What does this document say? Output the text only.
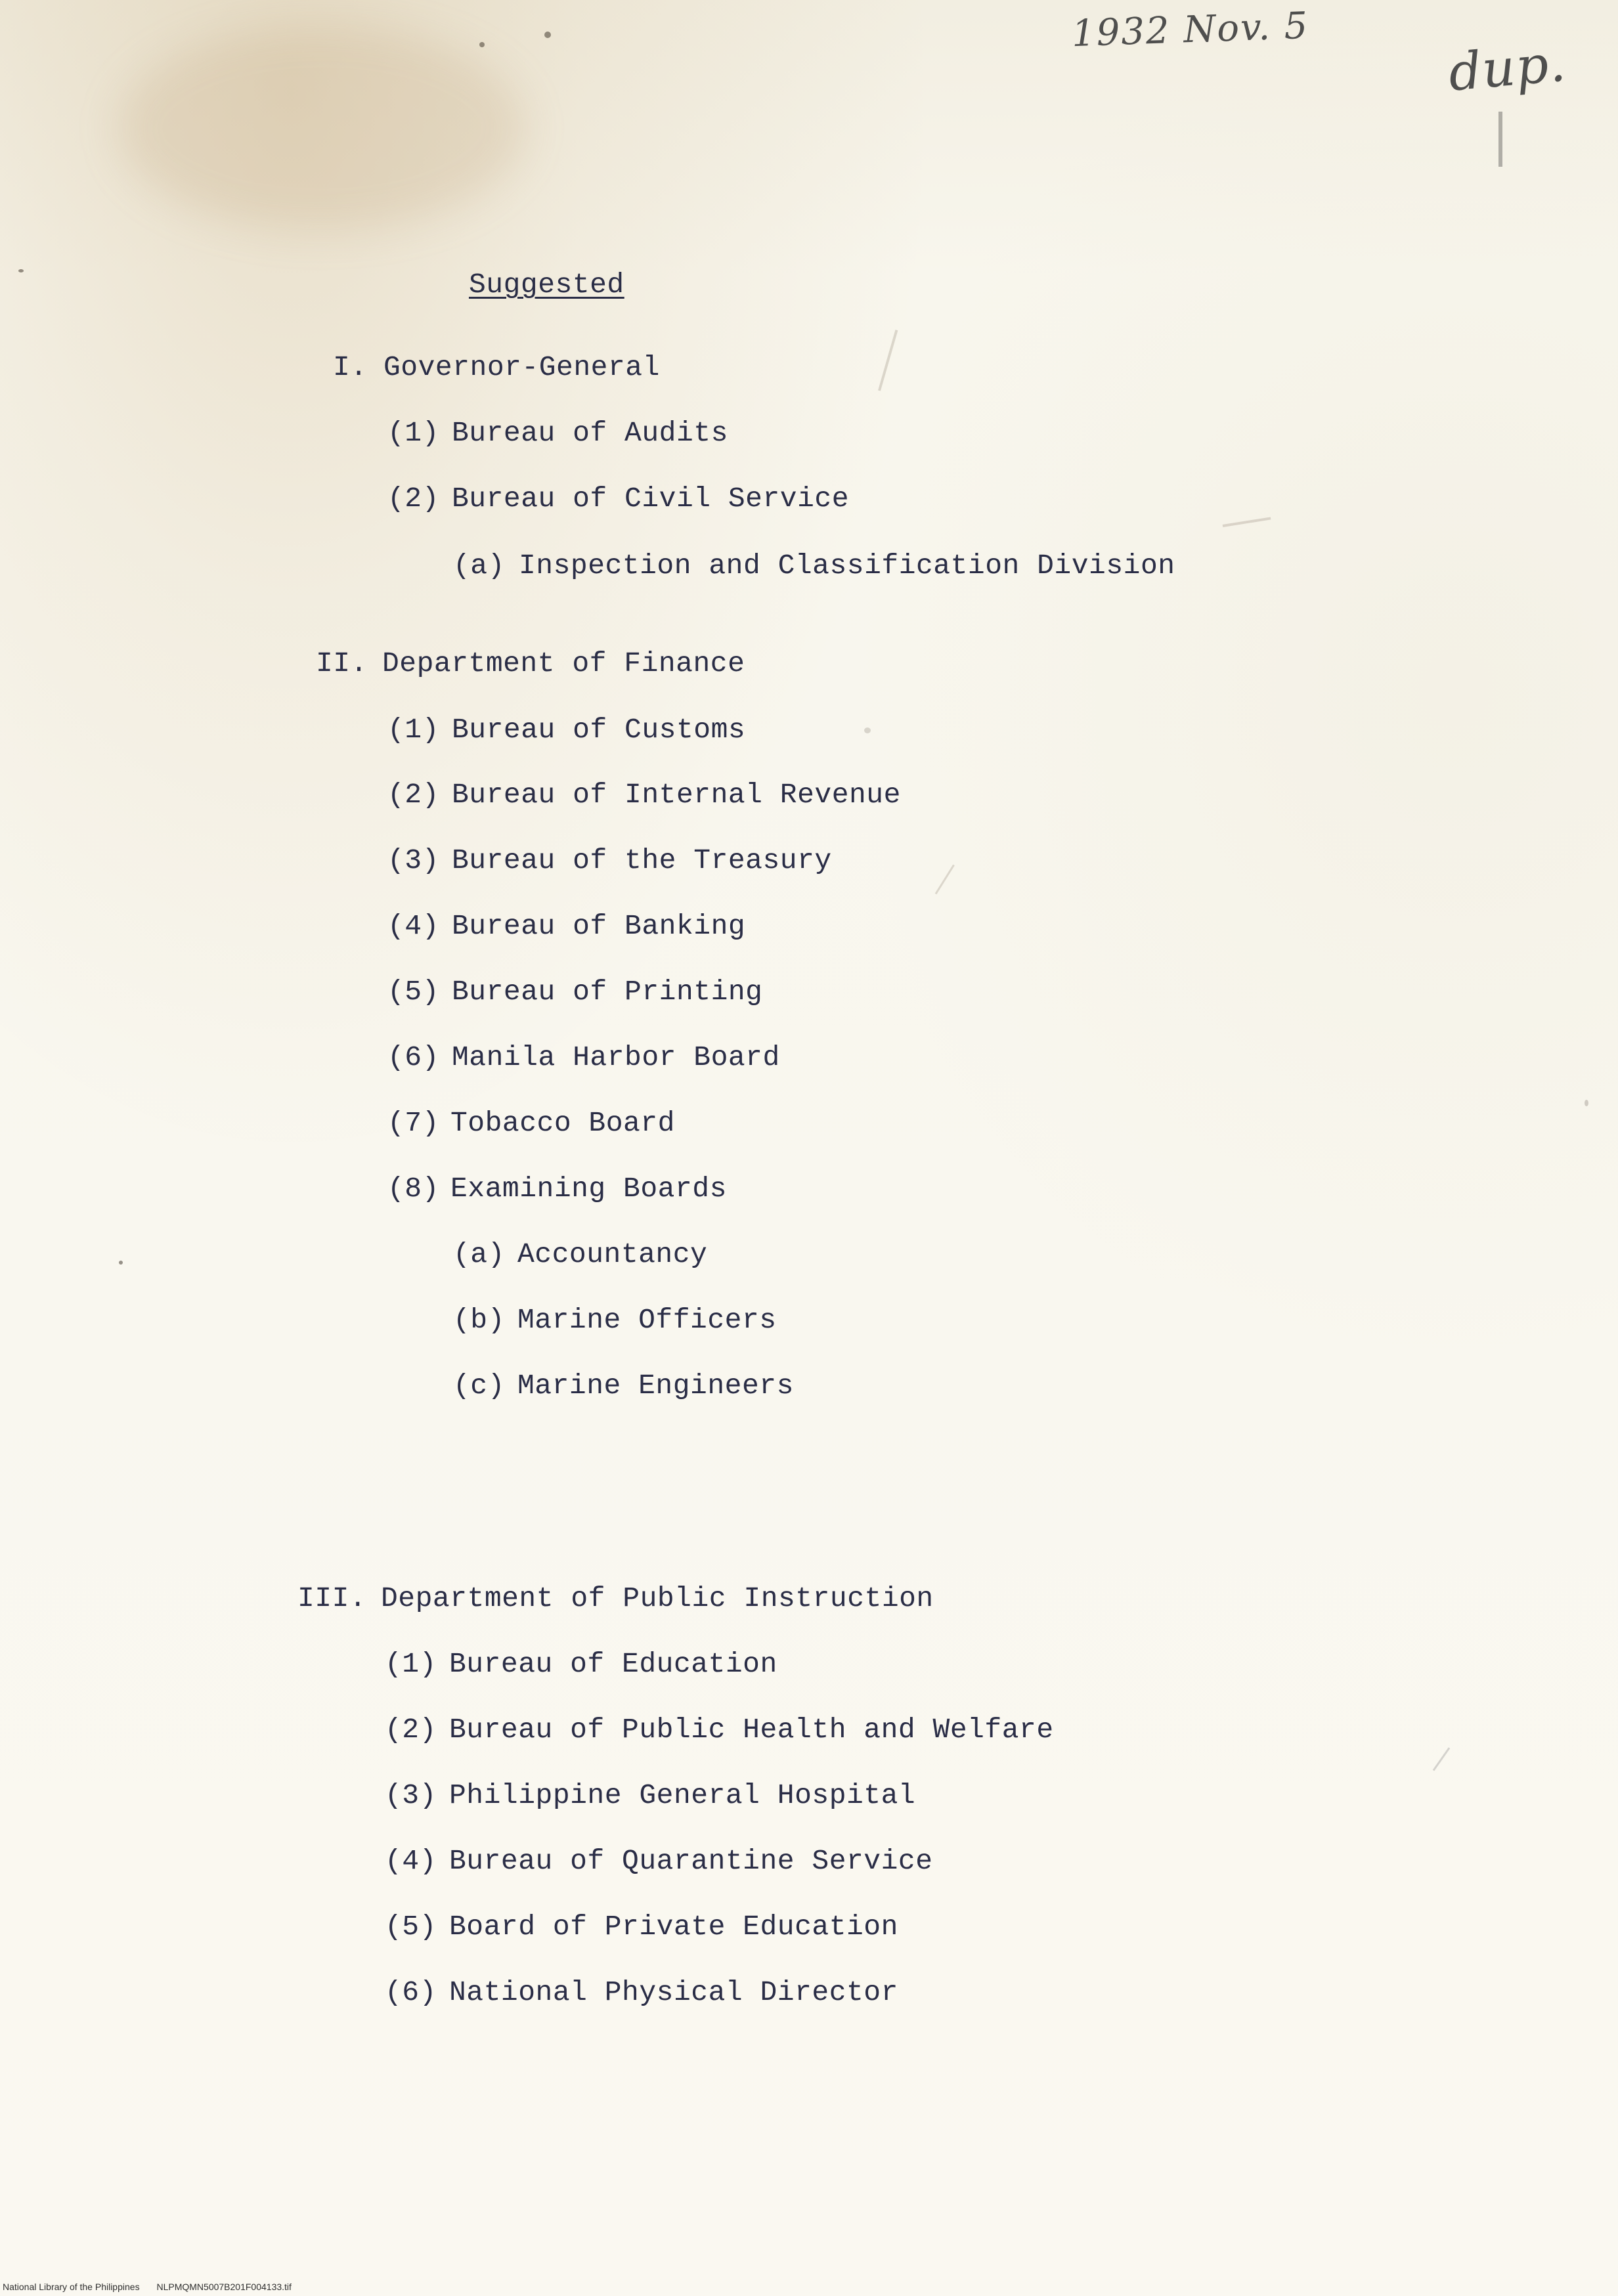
1932 Nov. 5
dup.
Suggested
I. Governor-General
(1) Bureau of Audits
(2) Bureau of Civil Service
(a) Inspection and Classification Division
II. Department of Finance
(1) Bureau of Customs
(2) Bureau of Internal Revenue
(3) Bureau of the Treasury
(4) Bureau of Banking
(5) Bureau of Printing
(6) Manila Harbor Board
(7) Tobacco Board
(8) Examining Boards
(a) Accountancy
(b) Marine Officers
(c) Marine Engineers
III. Department of Public Instruction
(1) Bureau of Education
(2) Bureau of Public Health and Welfare
(3) Philippine General Hospital
(4) Bureau of Quarantine Service
(5) Board of Private Education
(6) National Physical Director
National Library of the Philippines NLPMQMN5007B201F004133.tif
